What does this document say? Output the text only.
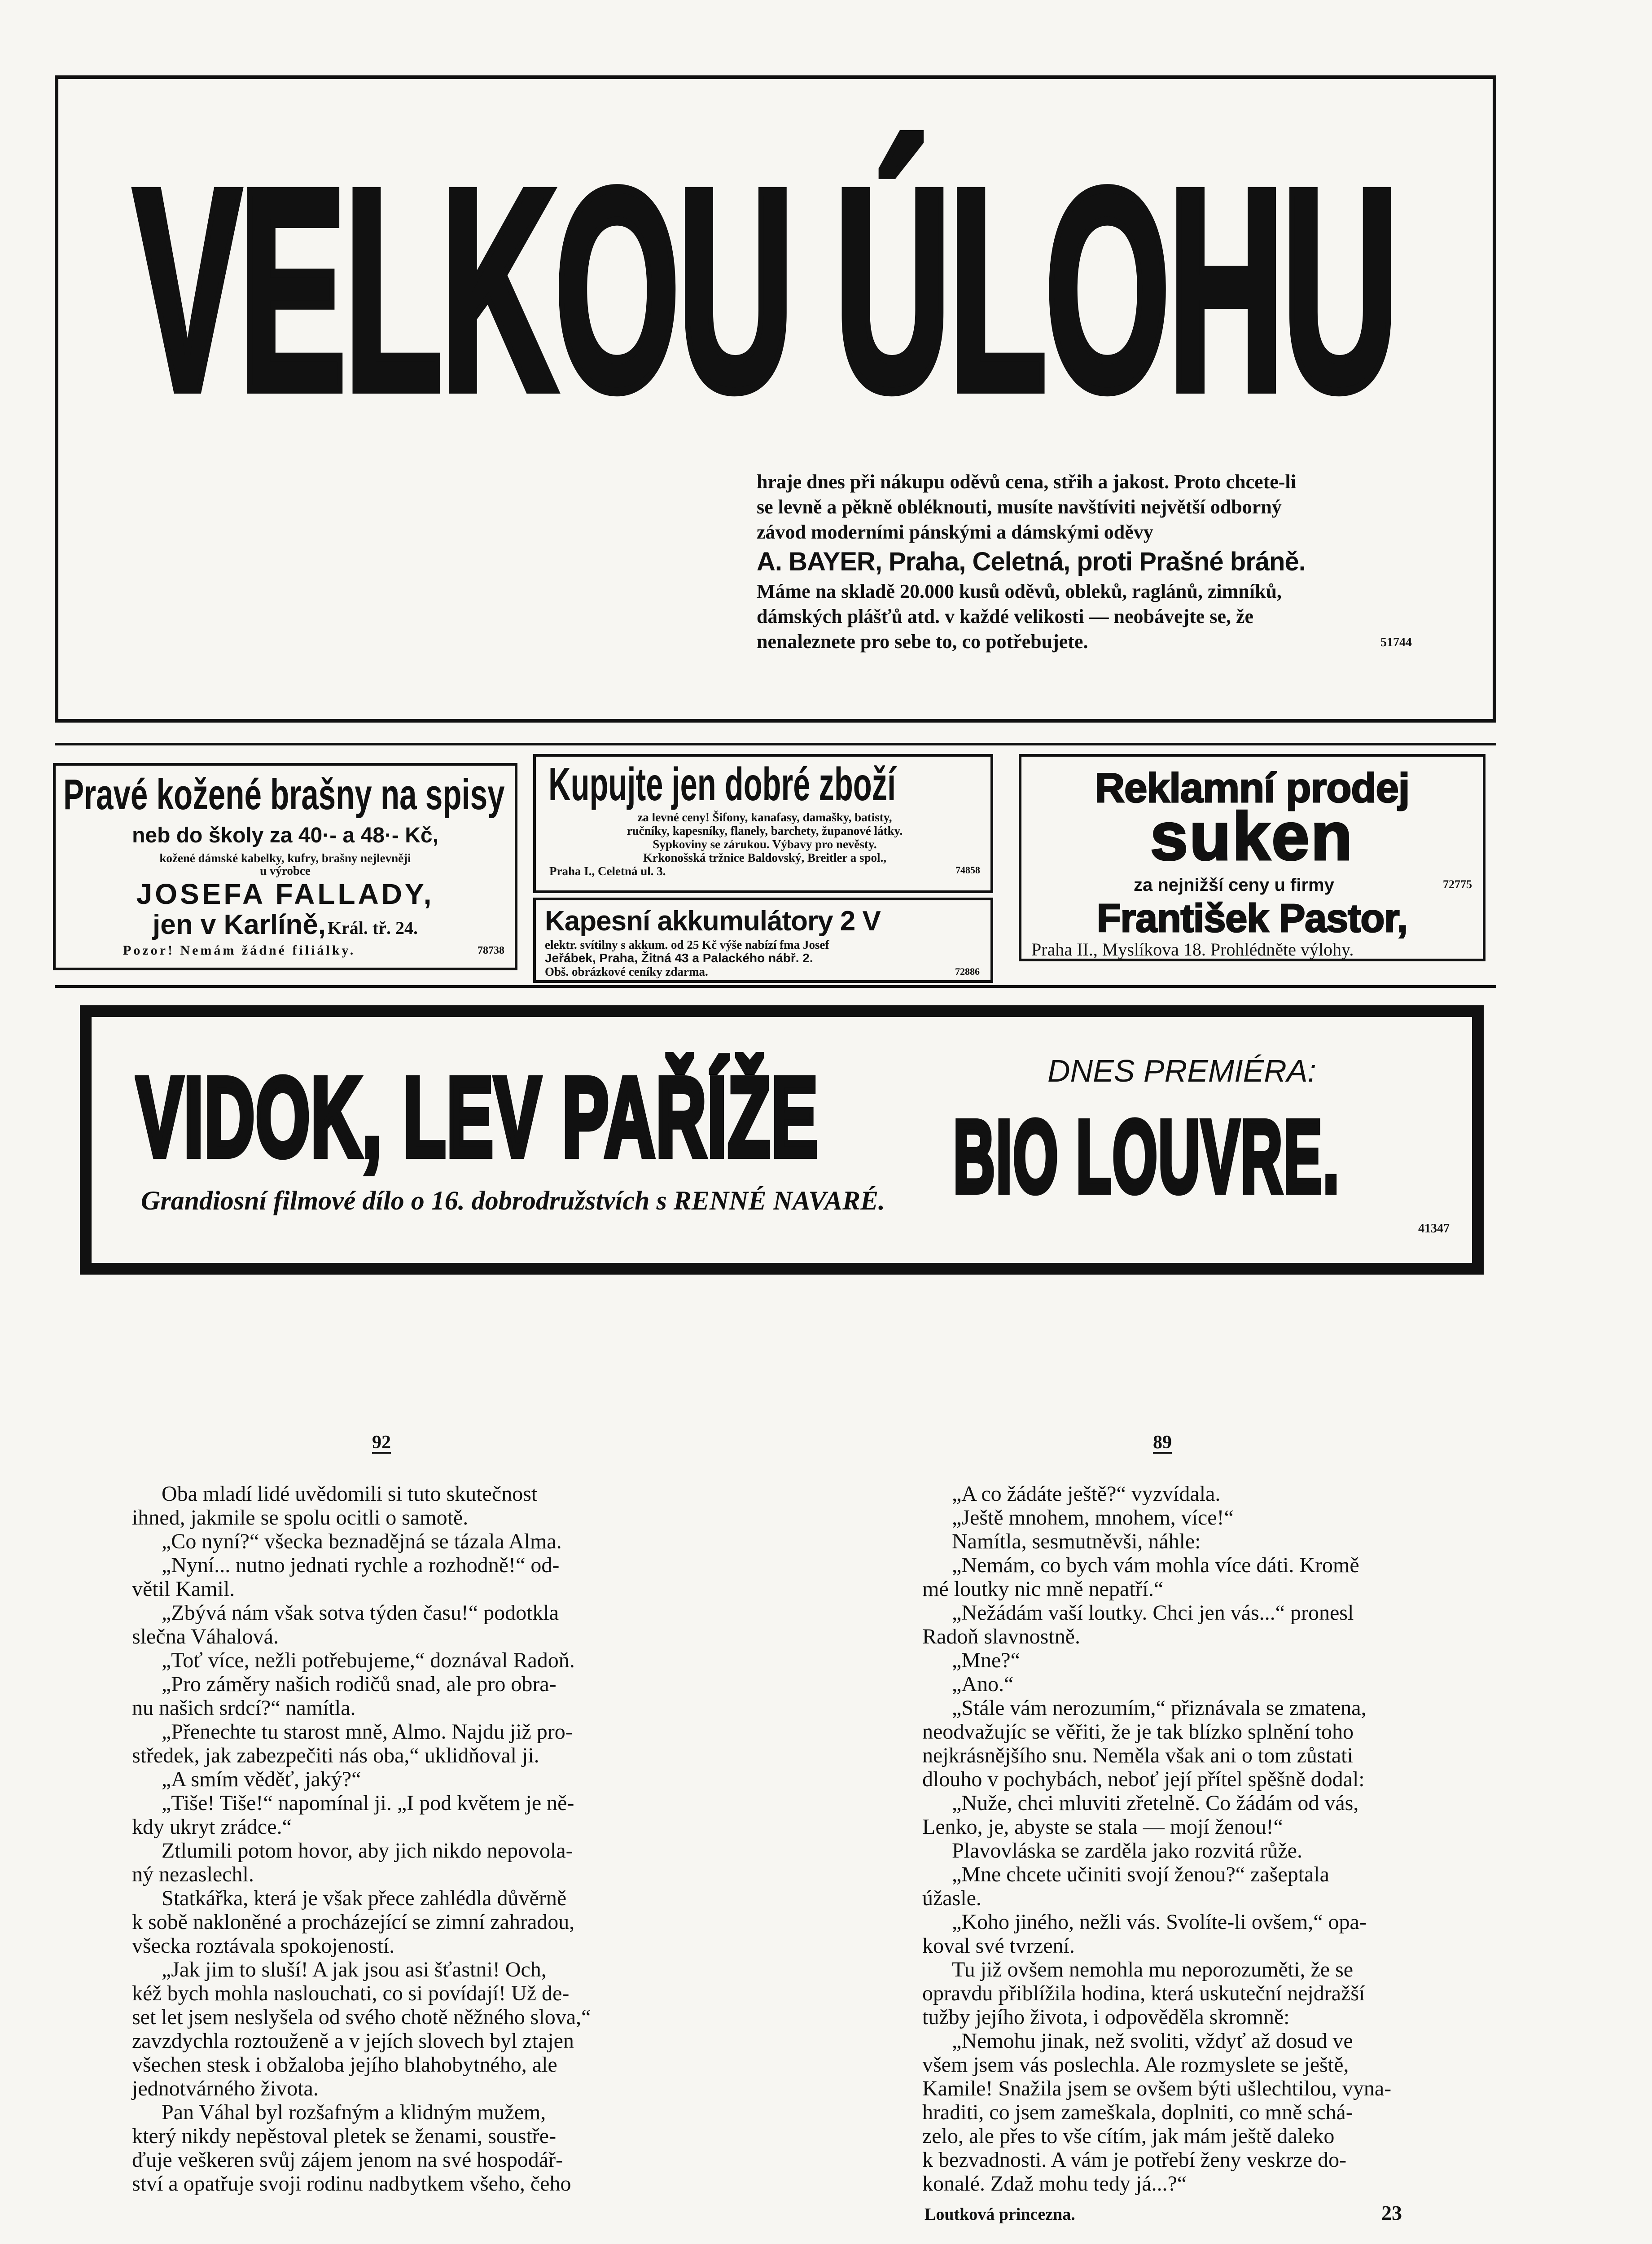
VELKOU ÚLOHU
hraje dnes při nákupu oděvů cena, střih a jakost. Proto chcete-li
se levně a pěkně obléknouti, musíte navštíviti největší odborný
závod moderními pánskými a dámskými oděvy
A. BAYER, Praha, Celetná, proti Prašné bráně.
Máme na skladě 20.000 kusů oděvů, obleků, raglánů, zimníků,
dámských plášťů atd. v každé velikosti — neobávejte se, že
nenaleznete pro sebe to, co potřebujete.	51744
Pravé kožené brašny na spisy
neb do školy za 40·- a 48·- Kč,
kožené dámské kabelky, kufry, brašny nejlevněji
u výrobce
JOSEFA FALLADY,
jen v Karlíně, Král. tř. 24.
Pozor! Nemám žádné filiálky.	78738
Kupujte jen dobré zboží
za levné ceny! Šifony, kanafasy, damašky, batisty,
ručníky, kapesníky, flanely, barchety, županové látky.
Sypkoviny se zárukou. Výbavy pro nevěsty.
Krkonošská tržnice Baldovský, Breitler a spol.,
Praha I., Celetná ul. 3.	74858
Kapesní akkumulátory 2 V
elektr. svítilny s akkum. od 25 Kč výše nabízí fma Josef
Jeřábek, Praha, Žitná 43 a Palackého nábř. 2.
Obš. obrázkové ceníky zdarma.	72886
Reklamní prodej
suken
za nejnižší ceny u firmy	72775
František Pastor,
Praha II., Myslíkova 18. Prohlédněte výlohy.
VIDOK, LEV PAŘÍŽE	DNES PREMIÉRA:
BIO LOUVRE.
Grandiosní filmové dílo o 16. dobrodružstvích s RENNÉ NAVARÉ.
41347
92
Oba mladí lidé uvědomili si tuto skutečnost
ihned, jakmile se spolu ocitli o samotě.
„Co nyní?“ všecka beznadějná se tázala Alma.
„Nyní... nutno jednati rychle a rozhodně!“ od-
větil Kamil.
„Zbývá nám však sotva týden času!“ podotkla
slečna Váhalová.
„Toť více, nežli potřebujeme,“ doznával Radoň.
„Pro záměry našich rodičů snad, ale pro obra-
nu našich srdcí?“ namítla.
„Přenechte tu starost mně, Almo. Najdu již pro-
středek, jak zabezpečiti nás oba,“ uklidňoval ji.
„A smím věděť, jaký?“
„Tiše! Tiše!“ napomínal ji. „I pod květem je ně-
kdy ukryt zrádce.“
Ztlumili potom hovor, aby jich nikdo nepovola-
ný nezaslechl.
Statkářka, která je však přece zahlédla důvěrně
k sobě nakloněné a procházející se zimní zahradou,
všecka roztávala spokojeností.
„Jak jim to sluší! A jak jsou asi šťastni! Och,
kéž bych mohla naslouchati, co si povídají! Už de-
set let jsem neslyšela od svého chotě něžného slova,“
zavzdychla roztouženě a v jejích slovech byl ztajen
všechen stesk i obžaloba jejího blahobytného, ale
jednotvárného života.
Pan Váhal byl rozšafným a klidným mužem,
který nikdy nepěstoval pletek se ženami, soustře-
ďuje veškeren svůj zájem jenom na své hospodář-
ství a opatřuje svoji rodinu nadbytkem všeho, čeho
89
„A co žádáte ještě?“ vyzvídala.
„Ještě mnohem, mnohem, více!“
Namítla, sesmutněvši, náhle:
„Nemám, co bych vám mohla více dáti. Kromě
mé loutky nic mně nepatří.“
„Nežádám vaší loutky. Chci jen vás...“ pronesl
Radoň slavnostně.
„Mne?“
„Ano.“
„Stále vám nerozumím,“ přiznávala se zmatena,
neodvažujíc se věřiti, že je tak blízko splnění toho
nejkrásnějšího snu. Neměla však ani o tom zůstati
dlouho v pochybách, neboť její přítel spěšně dodal:
„Nuže, chci mluviti zřetelně. Co žádám od vás,
Lenko, je, abyste se stala — mojí ženou!“
Plavovláska se zarděla jako rozvitá růže.
„Mne chcete učiniti svojí ženou?“ zašeptala
úžasle.
„Koho jiného, nežli vás. Svolíte-li ovšem,“ opa-
koval své tvrzení.
Tu již ovšem nemohla mu neporozuměti, že se
opravdu přiblížila hodina, která uskuteční nejdražší
tužby jejího života, i odpověděla skromně:
„Nemohu jinak, než svoliti, vždyť až dosud ve
všem jsem vás poslechla. Ale rozmyslete se ještě,
Kamile! Snažila jsem se ovšem býti ušlechtilou, vyna-
hraditi, co jsem zameškala, doplniti, co mně schá-
zelo, ale přes to vše cítím, jak mám ještě daleko
k bezvadnosti. A vám je potřebí ženy veskrze do-
konalé. Zdaž mohu tedy já...?“
Loutková princezna.	23
